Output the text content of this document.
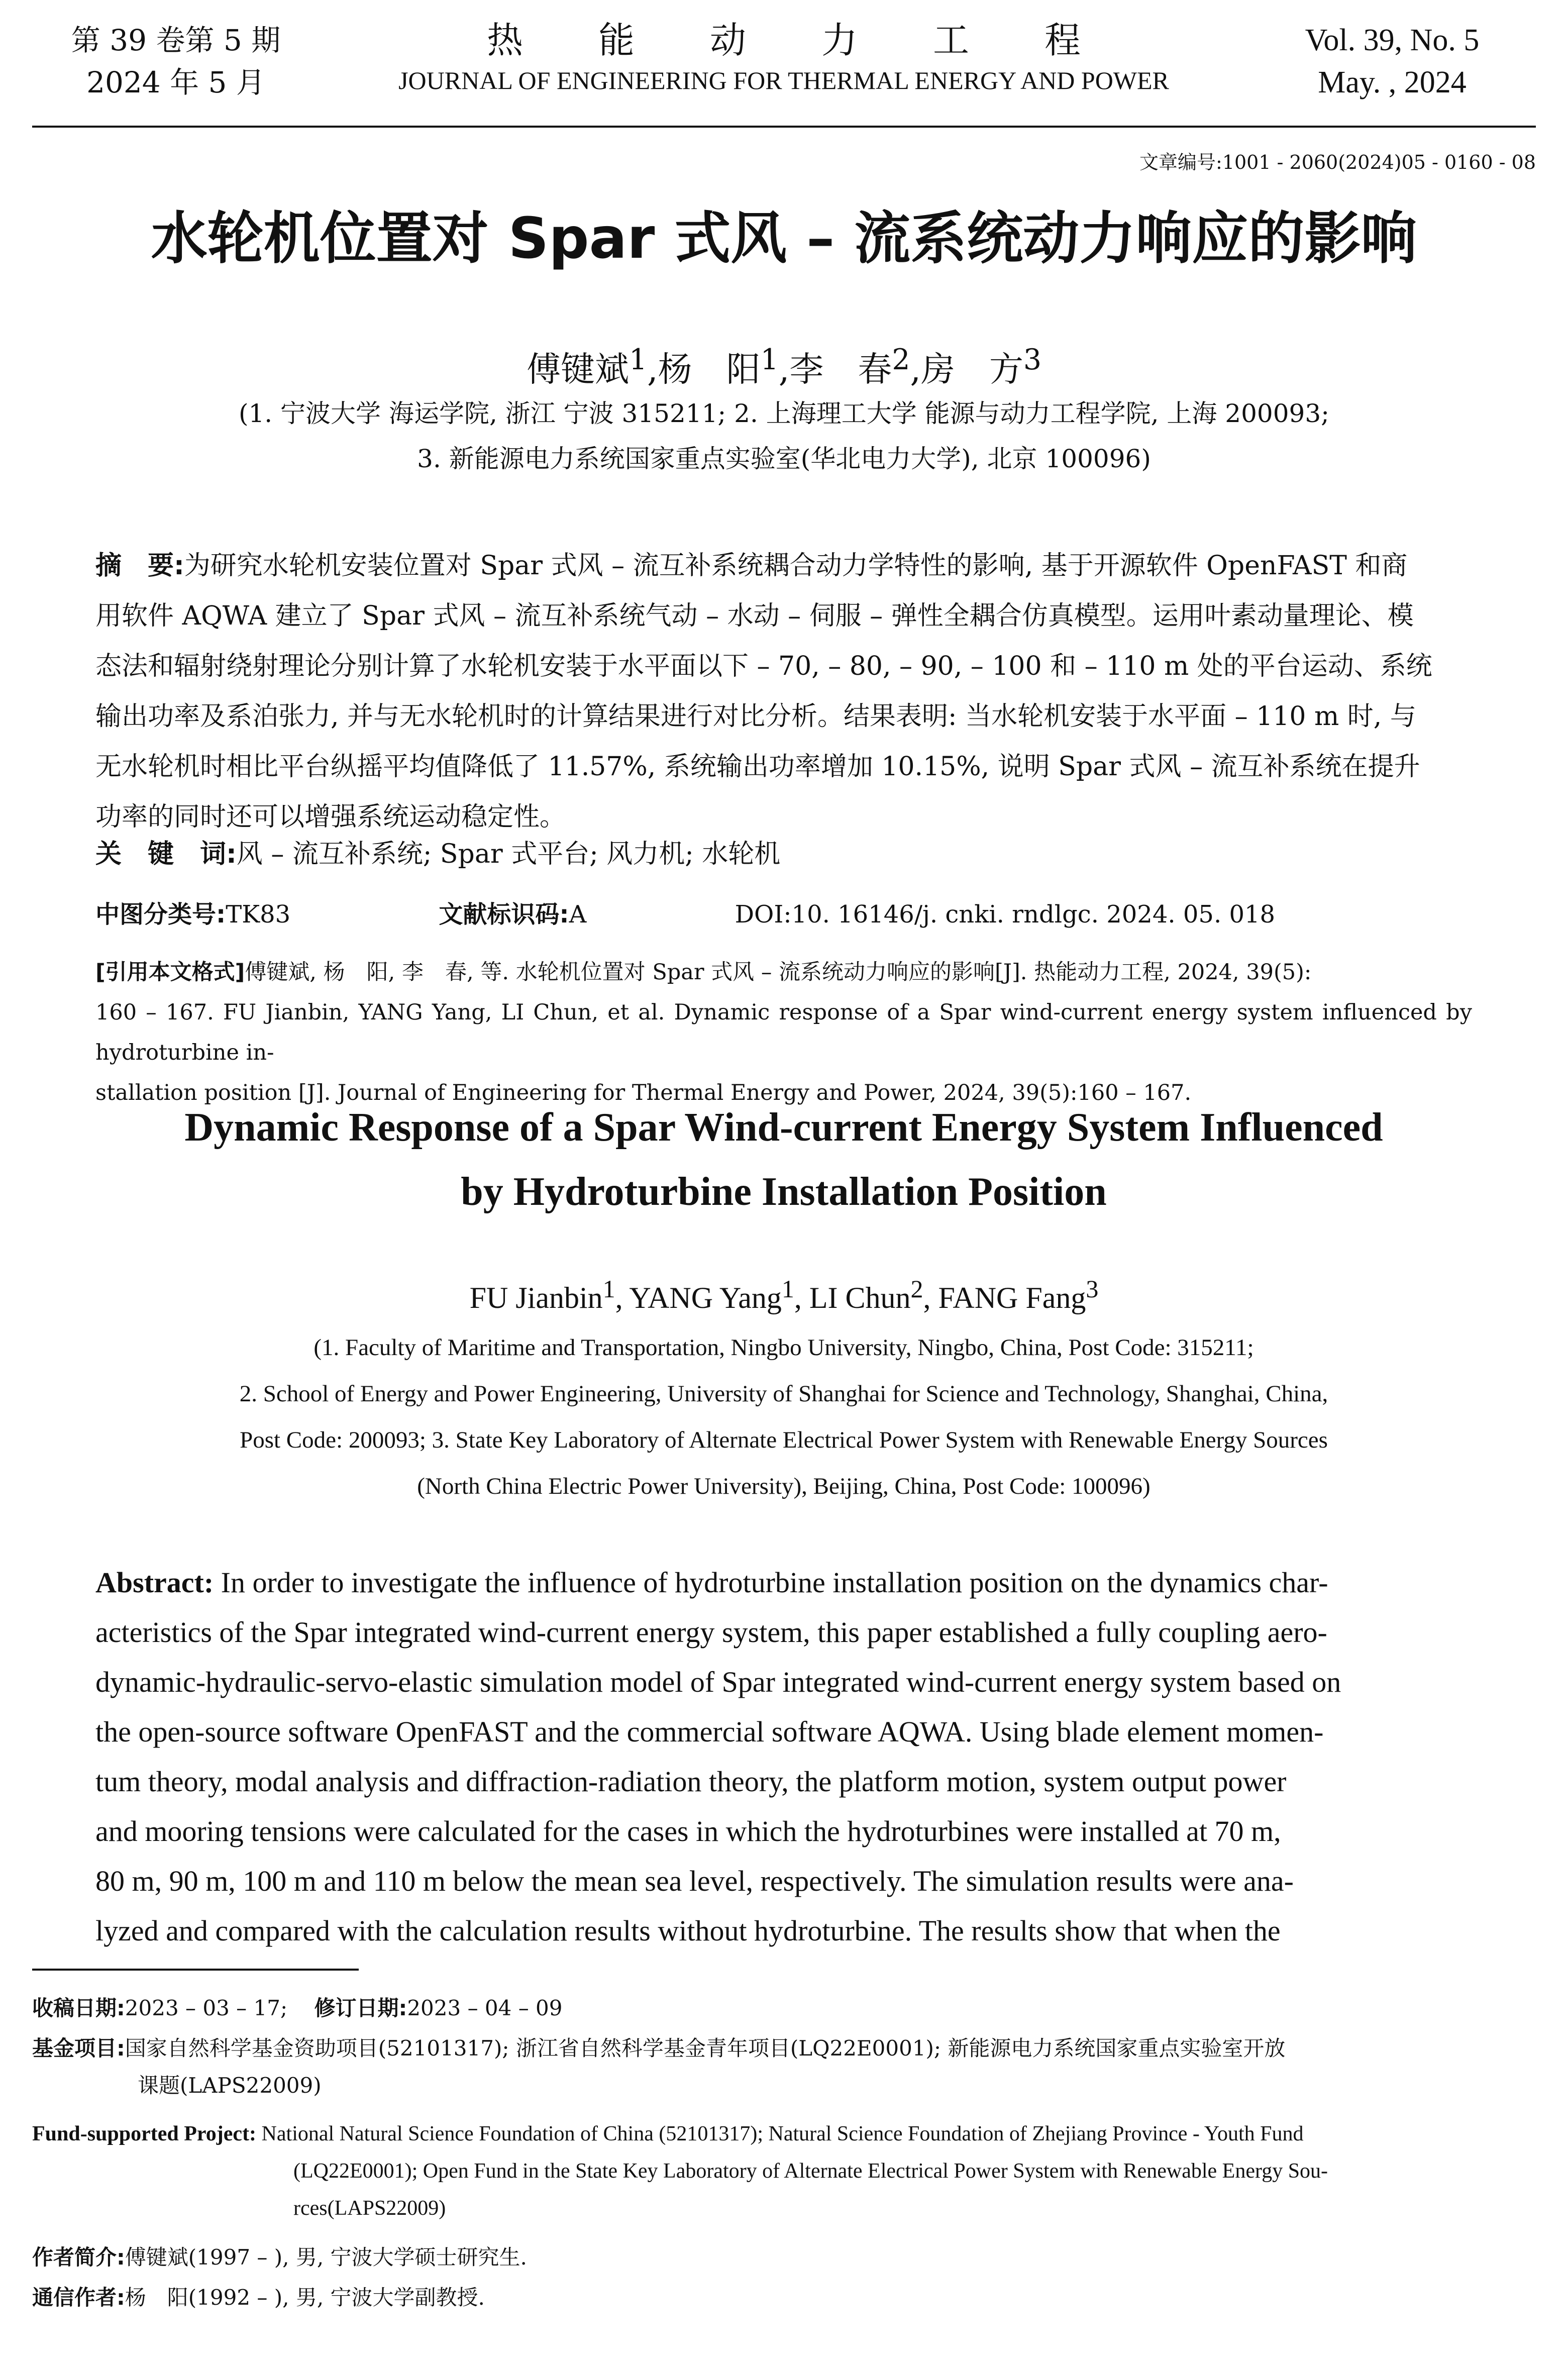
第 39 卷第 5 期
2024 年 5 月
热能动力工程
JOURNAL OF ENGINEERING FOR THERMAL ENERGY AND POWER
Vol. 39, No. 5
May. , 2024
文章编号:1001 - 2060(2024)05 - 0160 - 08
水轮机位置对 Spar 式风 – 流系统动力响应的影响
傅键斌$^1$,杨　阳$^1$,李　春$^2$,房　方$^3$
(1. 宁波大学 海运学院, 浙江 宁波 315211; 2. 上海理工大学 能源与动力工程学院, 上海 200093;
3. 新能源电力系统国家重点实验室(华北电力大学), 北京 100096)

摘　要:为研究水轮机安装位置对 Spar 式风 – 流互补系统耦合动力学特性的影响, 基于开源软件 OpenFAST 和商

用软件 AQWA 建立了 Spar 式风 – 流互补系统气动 – 水动 – 伺服 – 弹性全耦合仿真模型。运用叶素动量理论、模

态法和辐射绕射理论分别计算了水轮机安装于水平面以下 – 70, – 80, – 90, – 100 和 – 110 m 处的平台运动、系统

输出功率及系泊张力, 并与无水轮机时的计算结果进行对比分析。结果表明: 当水轮机安装于水平面 – 110 m 时, 与

无水轮机时相比平台纵摇平均值降低了 11.57%, 系统输出功率增加 10.15%, 说明 Spar 式风 – 流互补系统在提升

功率的同时还可以增强系统运动稳定性。

关　键　词:风 – 流互补系统; Spar 式平台; 风力机; 水轮机
中图分类号:TK83	文献标识码:A	DOI:10. 16146/j. cnki. rndlgc. 2024. 05. 018

[引用本文格式]傅键斌, 杨　阳, 李　春, 等. 水轮机位置对 Spar 式风 – 流系统动力响应的影响[J]. 热能动力工程, 2024, 39(5):

160 – 167. FU Jianbin, YANG Yang, LI Chun, et al. Dynamic response of a Spar wind-current energy system influenced by hydroturbine in-

stallation position [J]. Journal of Engineering for Thermal Energy and Power, 2024, 39(5):160 – 167.

Dynamic Response of a Spar Wind-current Energy System Influenced
by Hydroturbine Installation Position
FU Jianbin$^1$, YANG Yang$^1$, LI Chun$^2$, FANG Fang$^3$

(1. Faculty of Maritime and Transportation, Ningbo University, Ningbo, China, Post Code: 315211;

2. School of Energy and Power Engineering, University of Shanghai for Science and Technology, Shanghai, China,

Post Code: 200093; 3. State Key Laboratory of Alternate Electrical Power System with Renewable Energy Sources

(North China Electric Power University), Beijing, China, Post Code: 100096)

Abstract: In order to investigate the influence of hydroturbine installation position on the dynamics char-

acteristics of the Spar integrated wind-current energy system, this paper established a fully coupling aero-

dynamic-hydraulic-servo-elastic simulation model of Spar integrated wind-current energy system based on

the open-source software OpenFAST and the commercial software AQWA. Using blade element momen-

tum theory, modal analysis and diffraction-radiation theory, the platform motion, system output power

and mooring tensions were calculated for the cases in which the hydroturbines were installed at 70 m,

80 m, 90 m, 100 m and 110 m below the mean sea level, respectively. The simulation results were ana-

lyzed and compared with the calculation results without hydroturbine. The results show that when the

收稿日期:2023 – 03 – 17; 修订日期:2023 – 04 – 09
基金项目:国家自然科学基金资助项目(52101317); 浙江省自然科学基金青年项目(LQ22E0001); 新能源电力系统国家重点实验室开放
课题(LAPS22009)
Fund-supported Project: National Natural Science Foundation of China (52101317); Natural Science Foundation of Zhejiang Province - Youth Fund
(LQ22E0001); Open Fund in the State Key Laboratory of Alternate Electrical Power System with Renewable Energy Sou-
rces(LAPS22009)
作者简介:傅键斌(1997 – ), 男, 宁波大学硕士研究生.
通信作者:杨　阳(1992 – ), 男, 宁波大学副教授.
